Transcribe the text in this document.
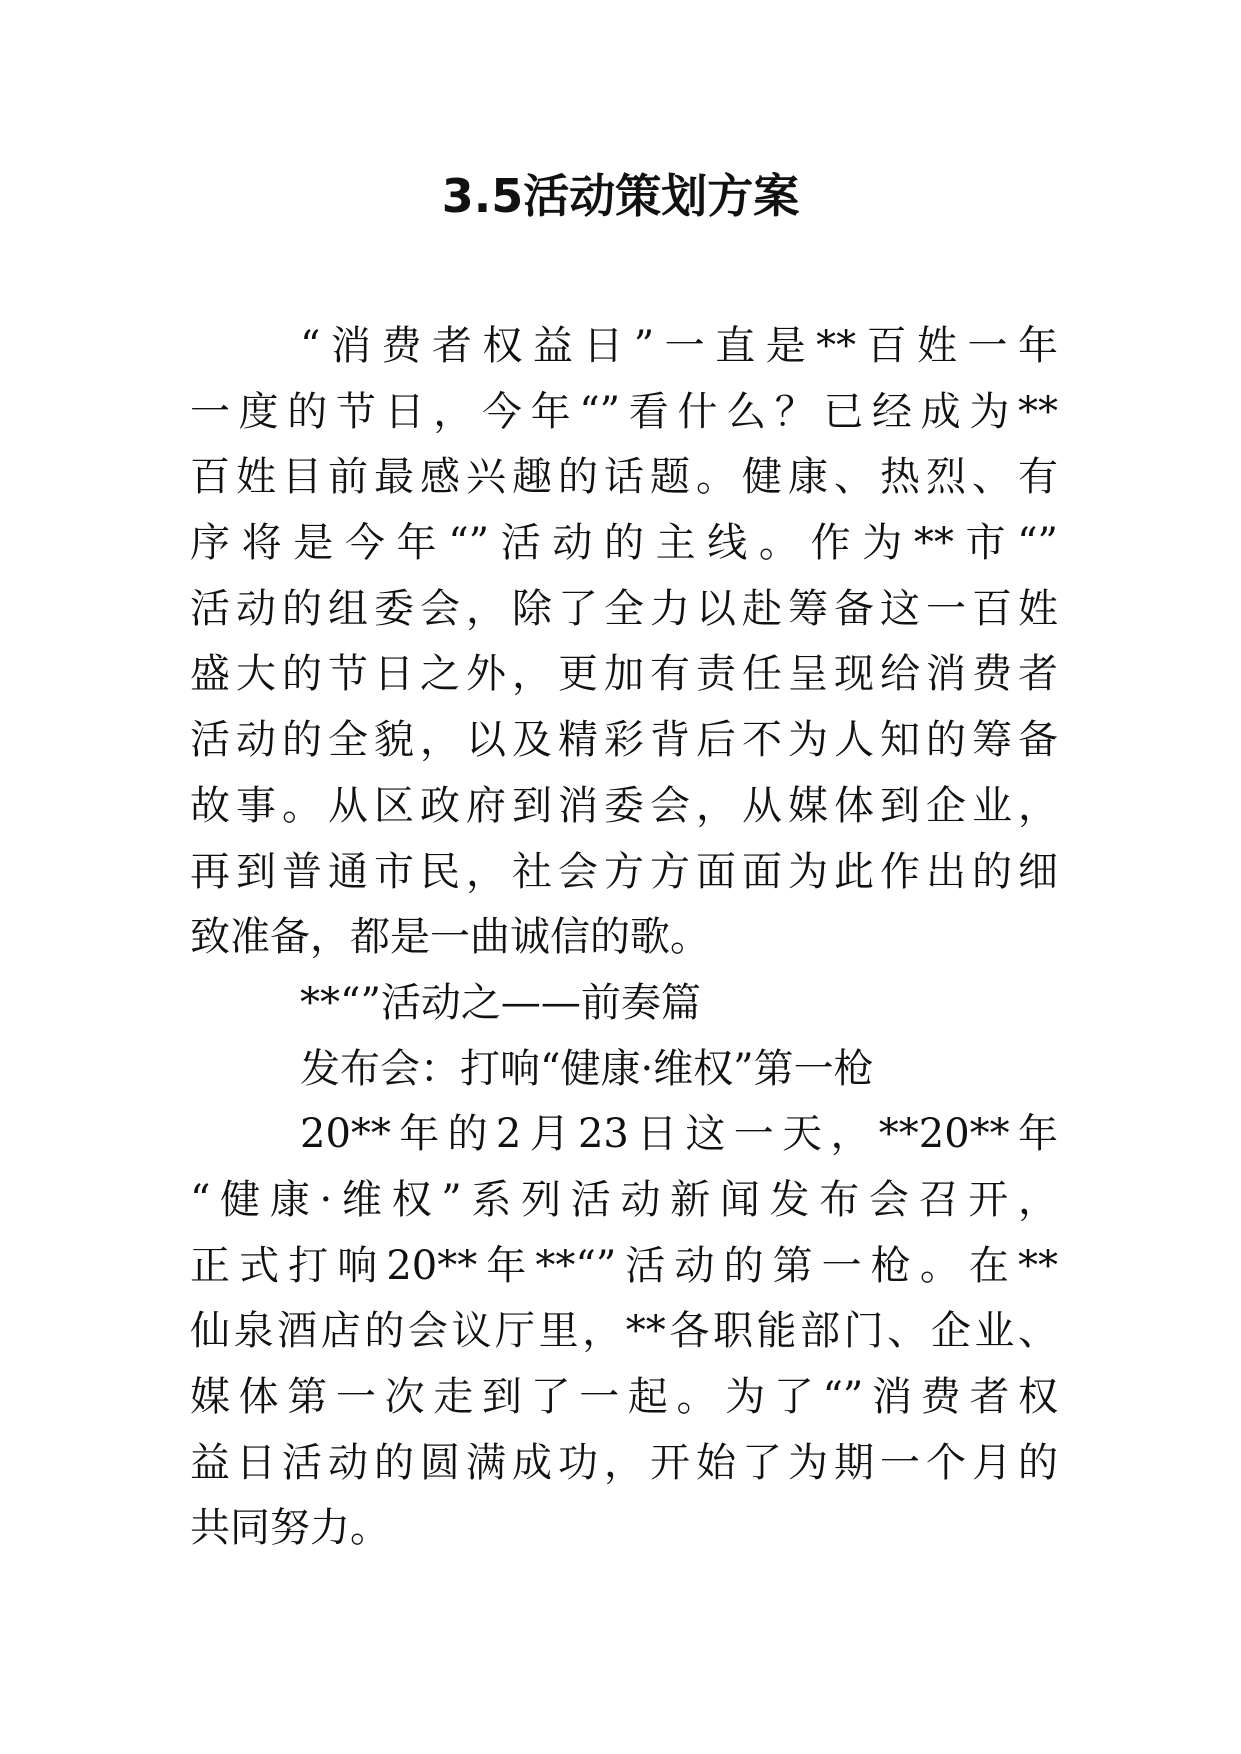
3.5活动策划方案
“消费者权益日”一直是**百姓一年
一度的节日，今年“”看什么？已经成为**
百姓目前最感兴趣的话题。健康、热烈、有
序将是今年“”活动的主线。作为**市“”
活动的组委会，除了全力以赴筹备这一百姓
盛大的节日之外，更加有责任呈现给消费者
活动的全貌，以及精彩背后不为人知的筹备
故事。从区政府到消委会，从媒体到企业，
再到普通市民，社会方方面面为此作出的细
致准备，都是一曲诚信的歌。
**“”活动之——前奏篇
发布会：打响“健康·维权”第一枪
20**年的2月23日这一天，**20**年
“健康·维权”系列活动新闻发布会召开，
正式打响20**年**“”活动的第一枪。在**
仙泉酒店的会议厅里，**各职能部门、企业、
媒体第一次走到了一起。为了“”消费者权
益日活动的圆满成功，开始了为期一个月的
共同努力。
